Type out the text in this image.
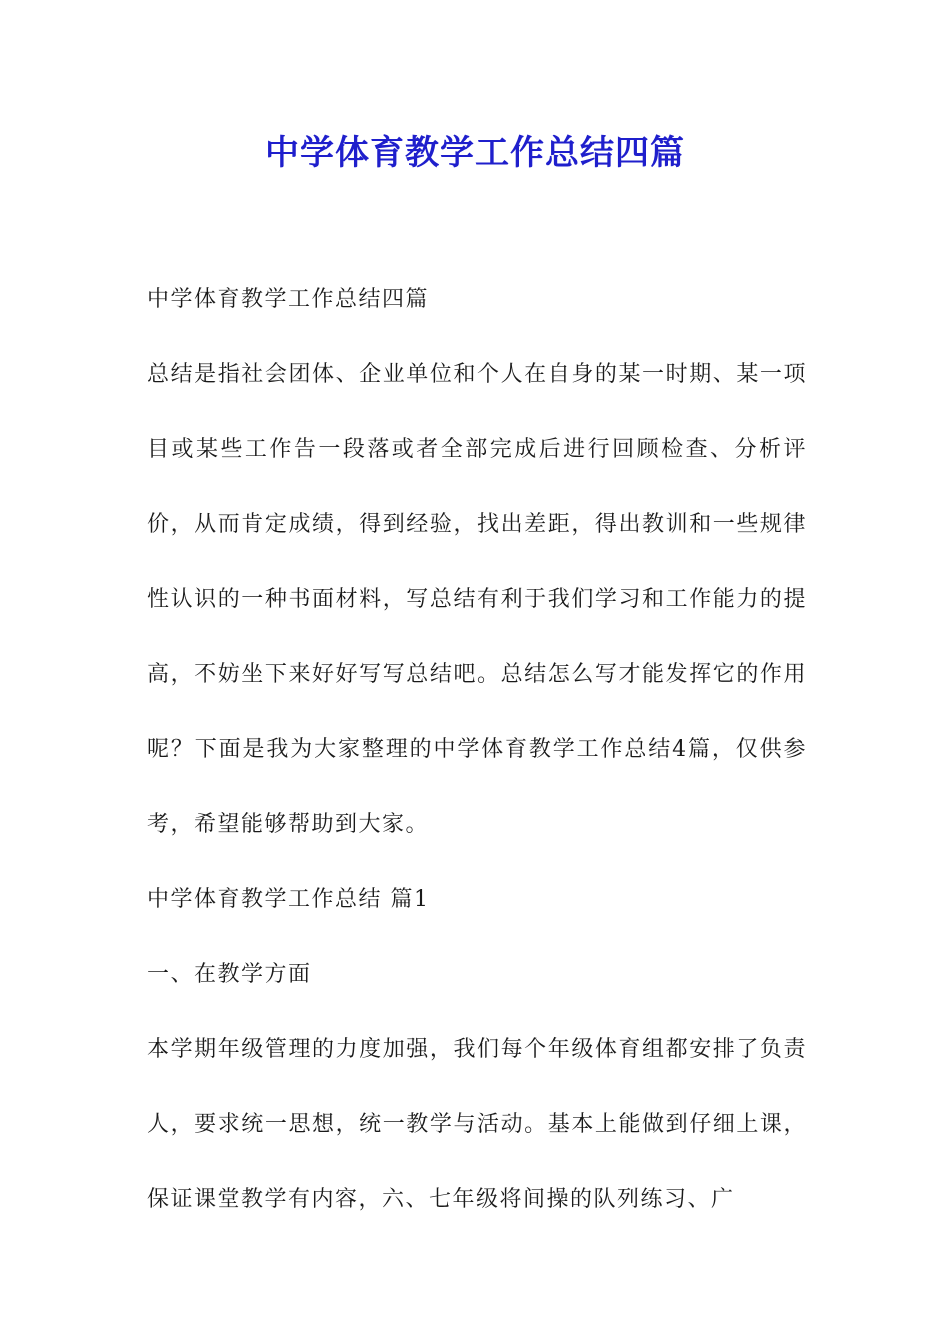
中学体育教学工作总结四篇

中学体育教学工作总结四篇

总结是指社会团体、企业单位和个人在自身的某一时期、某一项目或某些工作告一段落或者全部完成后进行回顾检查、分析评价，从而肯定成绩，得到经验，找出差距，得出教训和一些规律性认识的一种书面材料，写总结有利于我们学习和工作能力的提高，不妨坐下来好好写写总结吧。总结怎么写才能发挥它的作用呢？下面是我为大家整理的中学体育教学工作总结4篇，仅供参考，希望能够帮助到大家。

中学体育教学工作总结 篇1

一、在教学方面

本学期年级管理的力度加强，我们每个年级体育组都安排了负责人，要求统一思想，统一教学与活动。基本上能做到仔细上课，保证课堂教学有内容，六、七年级将间操的队列练习、广
